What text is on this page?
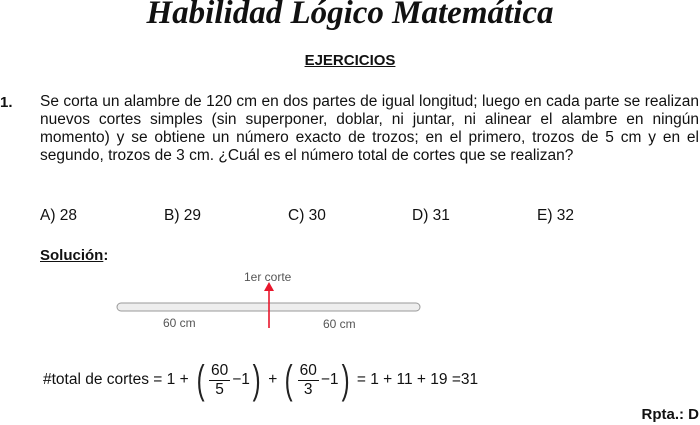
Habilidad Lógico Matemática
EJERCICIOS
1. Se corta un alambre de 120 cm en dos partes de igual longitud; luego en cada parte se realizan nuevos cortes simples (sin superponer, doblar, ni juntar, ni alinear el alambre en ningún momento) y se obtiene un número exacto de trozos; en el primero, trozos de 5 cm y en el segundo, trozos de 3 cm. ¿Cuál es el número total de cortes que se realizan?
A) 28	B) 29	C) 30	D) 31	E) 32
Solución:
1er corte
60 cm	60 cm
#total de cortes = 1 + ( $\frac{60}{5} -1$ ) + ( $\frac{60}{3} -1$ ) = 1 + 11 + 19 =31
Rpta.: D
